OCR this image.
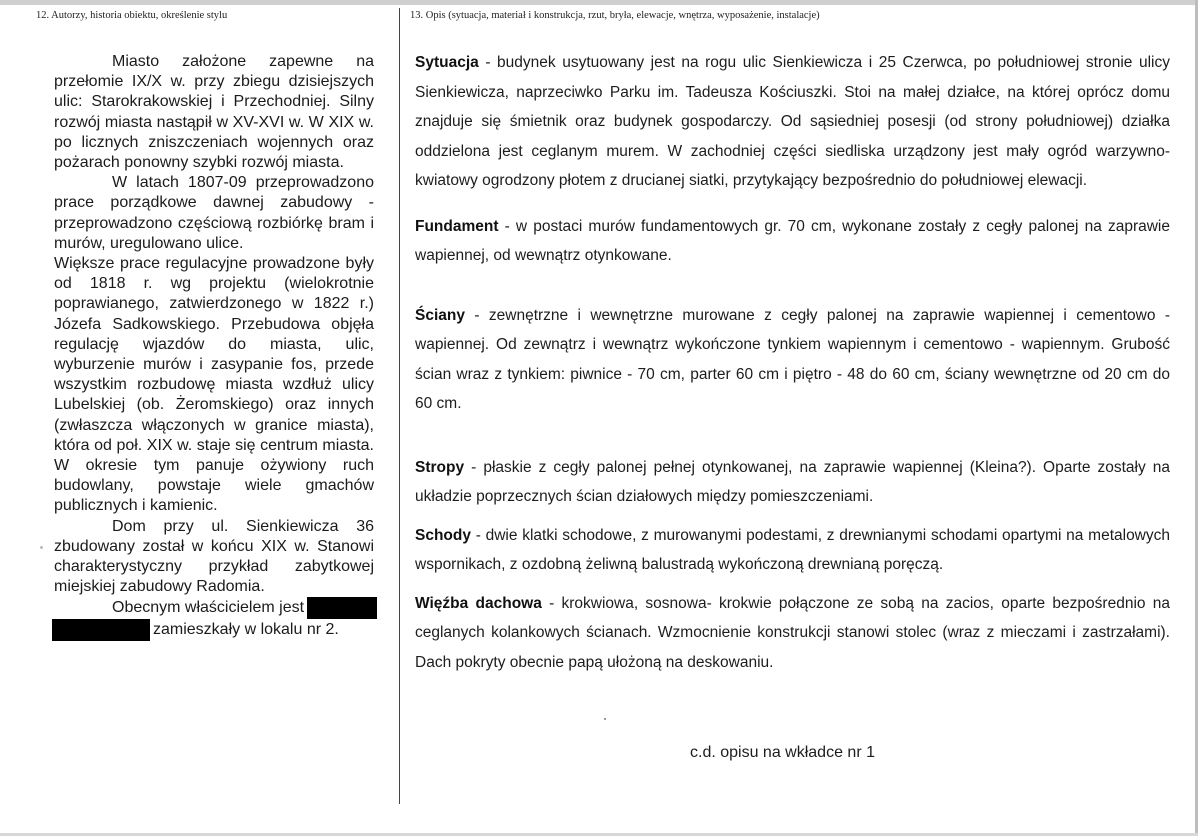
12. Autorzy, historia obiektu, określenie stylu	13. Opis (sytuacja, materiał i konstrukcja, rzut, bryła, elewacje, wnętrza, wyposażenie, instalacje)

Miasto założone zapewne na przełomie IX/X w. przy zbiegu dzisiejszych ulic: Starokrakowskiej i Przechodniej. Silny rozwój miasta nastąpił w XV-XVI w. W XIX w. po licznych zniszczeniach wojennych oraz pożarach ponowny szybki rozwój miasta.

W latach 1807-09 przeprowadzono prace porządkowe dawnej zabudowy - przeprowadzono częściową rozbiórkę bram i murów, uregulowano ulice.

Większe prace regulacyjne prowadzone były od 1818 r. wg projektu (wielokrotnie poprawianego, zatwierdzonego w 1822 r.) Józefa Sadkowskiego. Przebudowa objęła regulację wjazdów do miasta, ulic, wyburzenie murów i zasypanie fos, przede wszystkim rozbudowę miasta wzdłuż ulicy Lubelskiej (ob. Żeromskiego) oraz innych (zwłaszcza włączonych w granice miasta), która od poł. XIX w. staje się centrum miasta. W okresie tym panuje ożywiony ruch budowlany, powstaje wiele gmachów publicznych i kamienic.

Dom przy ul. Sienkiewicza 36 zbudowany został w końcu XIX w. Stanowi charakterystyczny przykład zabytkowej miejskiej zabudowy Radomia.

Obecnym właścicielem jest

zamieszkały w lokalu nr 2.

Sytuacja - budynek usytuowany jest na rogu ulic Sienkiewicza i 25 Czerwca, po południowej stronie ulicy Sienkiewicza, naprzeciwko Parku im. Tadeusza Kościuszki. Stoi na małej działce, na której oprócz domu znajduje się śmietnik oraz budynek gospodarczy. Od sąsiedniej posesji (od strony południowej) działka oddzielona jest ceglanym murem. W zachodniej części siedliska urządzony jest mały ogród warzywno-kwiatowy ogrodzony płotem z drucianej siatki, przytykający bezpośrednio do południowej elewacji.

Fundament - w postaci murów fundamentowych gr. 70 cm, wykonane zostały z cegły palonej na zaprawie wapiennej, od wewnątrz otynkowane.

Ściany - zewnętrzne i wewnętrzne murowane z cegły palonej na zaprawie wapiennej i cementowo - wapiennej. Od zewnątrz i wewnątrz wykończone tynkiem wapiennym i cementowo - wapiennym. Grubość ścian wraz z tynkiem: piwnice - 70 cm, parter 60 cm i piętro - 48 do 60 cm, ściany wewnętrzne od 20 cm do 60 cm.

Stropy - płaskie z cegły palonej pełnej otynkowanej, na zaprawie wapiennej (Kleina?). Oparte zostały na układzie poprzecznych ścian działowych między pomieszczeniami.

Schody - dwie klatki schodowe, z murowanymi podestami, z drewnianymi schodami opartymi na metalowych wspornikach, z ozdobną żeliwną balustradą wykończoną drewnianą poręczą.

Więźba dachowa - krokwiowa, sosnowa- krokwie połączone ze sobą na zacios, oparte bezpośrednio na ceglanych kolankowych ścianach. Wzmocnienie konstrukcji stanowi stolec (wraz z mieczami i zastrzałami). Dach pokryty obecnie papą ułożoną na deskowaniu.

c.d. opisu na wkładce nr 1
